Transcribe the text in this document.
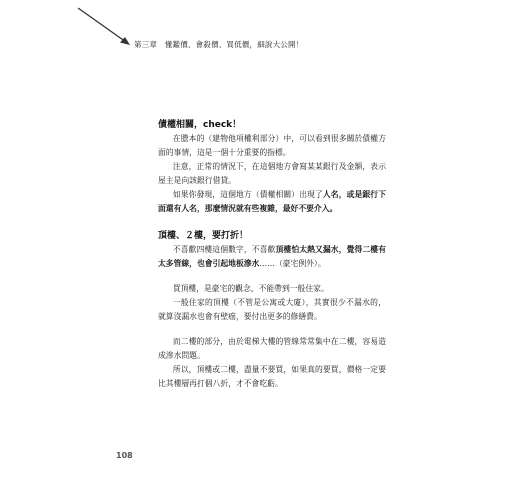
第三章　懂鑑價、會殺價、買低價，細說大公開！
債權相關，check！

在謄本的（建物他項權利部分）中，可以看到很多關於債權方面的事情，這是一個十分重要的指標。

注意，正常的情況下，在這個地方會寫某某銀行及金額，表示屋主是向該銀行借貸。

如果你發現，這個地方（債權相關）出現了人名，或是銀行下面還有人名，那麼情況就有些複雜，最好不要介入。

頂樓、２樓，要打折！

不喜歡四樓這個數字，不喜歡頂樓怕太熱又漏水，覺得二樓有太多管線，也會引起地板滲水……（豪宅例外）。

買頂樓，是豪宅的觀念，不能帶到一般住家。

一般住家的頂樓（不管是公寓或大廈），其實很少不漏水的，就算沒漏水也會有壁癌，要付出更多的修繕費。

而二樓的部分，由於電梯大樓的管線常常集中在二樓，容易造成滲水問題。

所以，頂樓或二樓，盡量不要買，如果真的要買，價格一定要比其樓層再打個八折，才不會吃虧。

108
